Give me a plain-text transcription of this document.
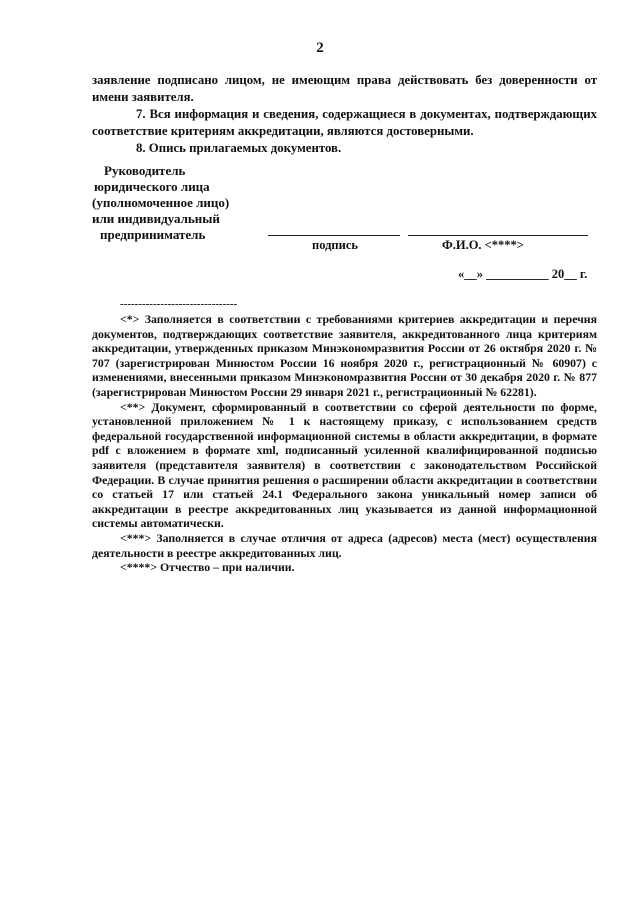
2

заявление подписано лицом, не имеющим права действовать без доверенности от имени заявителя.

7. Вся информация и сведения, содержащиеся в документах, подтверждающих соответствие критериям аккредитации, являются достоверными.

8. Опись прилагаемых документов.

Руководитель
юридического лица
(уполномоченное лицо)
или индивидуальный
предприниматель
подпись	Ф.И.О. <****>
«__» __________ 20__ г.
--------------------------------

<*> Заполняется в соответствии с требованиями критериев аккредитации и перечня документов, подтверждающих соответствие заявителя, аккредитованного лица критериям аккредитации, утвержденных приказом Минэкономразвития России от 26 октября 2020 г. № 707 (зарегистрирован Минюстом России 16 ноября 2020 г., регистрационный № 60907) с изменениями, внесенными приказом Минэкономразвития России от 30 декабря 2020 г. № 877 (зарегистрирован Минюстом России 29 января 2021 г., регистрационный № 62281).

<**> Документ, сформированный в соответствии со сферой деятельности по форме, установленной приложением № 1 к настоящему приказу, с использованием средств федеральной государственной информационной системы в области аккредитации, в формате pdf с вложением в формате xml, подписанный усиленной квалифицированной подписью заявителя (представителя заявителя) в соответствии с законодательством Российской Федерации. В случае принятия решения о расширении области аккредитации в соответствии со статьей 17 или статьей 24.1 Федерального закона уникальный номер записи об аккредитации в реестре аккредитованных лиц указывается из данной информационной системы автоматически.

<***> Заполняется в случае отличия от адреса (адресов) места (мест) осуществления деятельности в реестре аккредитованных лиц.

<****> Отчество – при наличии.
